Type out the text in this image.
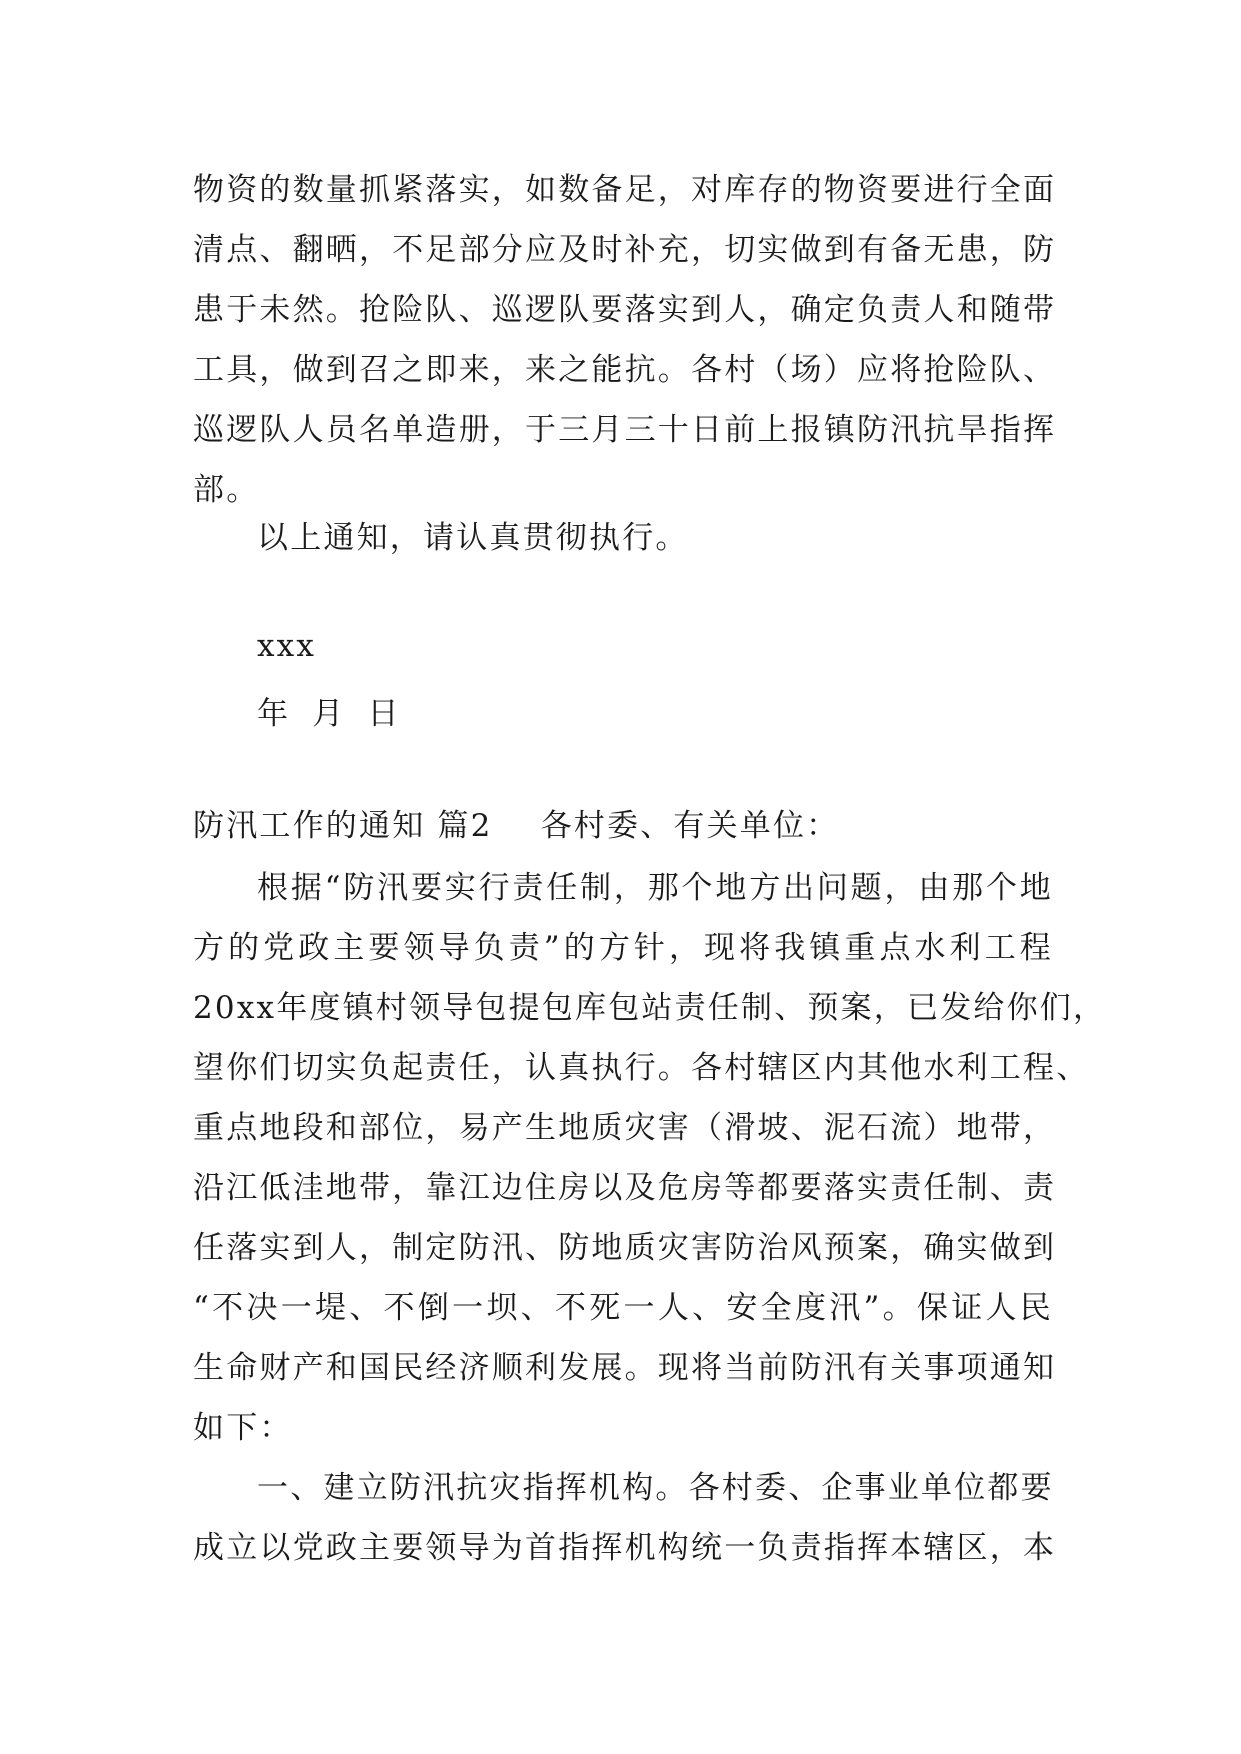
物资的数量抓紧落实，如数备足，对库存的物资要进行全面
清点、翻晒，不足部分应及时补充，切实做到有备无患，防
患于未然。抢险队、巡逻队要落实到人，确定负责人和随带
工具，做到召之即来，来之能抗。各村（场）应将抢险队、
巡逻队人员名单造册，于三月三十日前上报镇防汛抗旱指挥
部。
以上通知，请认真贯彻执行。
xxx
年 月 日
防汛工作的通知 篇2 各村委、有关单位：
根据“防汛要实行责任制，那个地方出问题，由那个地
方的党政主要领导负责”的方针，现将我镇重点水利工程
20xx年度镇村领导包提包库包站责任制、预案，已发给你们，
望你们切实负起责任，认真执行。各村辖区内其他水利工程、
重点地段和部位，易产生地质灾害（滑坡、泥石流）地带，
沿江低洼地带，靠江边住房以及危房等都要落实责任制、责
任落实到人，制定防汛、防地质灾害防治风预案，确实做到
“不决一堤、不倒一坝、不死一人、安全度汛”。保证人民
生命财产和国民经济顺利发展。现将当前防汛有关事项通知
如下：
一、建立防汛抗灾指挥机构。各村委、企事业单位都要
成立以党政主要领导为首指挥机构统一负责指挥本辖区，本
